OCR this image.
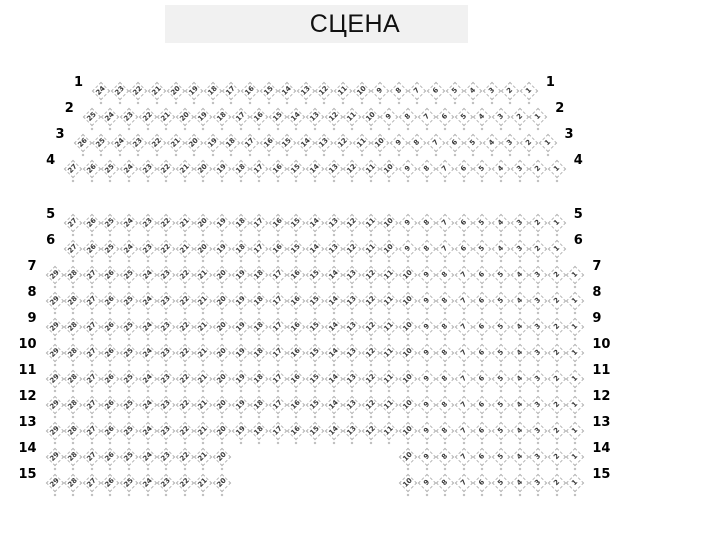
СЦЕНА
1	1
24 23 22 21 20 19 18 17 16 15 14 13 12 11 10 9 8 7 6 5 4 3 2 1
2	2
25 24 23 22 21 20 19 18 17 16 15 14 13 12 11 10 9 8 7 6 5 4 3 2 1
3	3
26 25 24 23 22 21 20 19 18 17 16 15 14 13 12 11 10 9 8 7 6 5 4 3 2 1
4	4
27 26 25 24 23 22 21 20 19 18 17 16 15 14 13 12 11 10 9 8 7 6 5 4 3 2 1
5	5
27 26 25 24 23 22 21 20 19 18 17 16 15 14 13 12 11 10 9 8 7 6 5 4 3 2 1
6	6
27 26 25 24 23 22 21 20 19 18 17 16 15 14 13 12 11 10 9 8 7 6 5 4 3 2 1
7	7
29 28 27 26 25 24 23 22 21 20 19 18 17 16 15 14 13 12 11 10 9 8 7 6 5 4 3 2 1
8	8
29 28 27 26 25 24 23 22 21 20 19 18 17 16 15 14 13 12 11 10 9 8 7 6 5 4 3 2 1
9	9
29 28 27 26 25 24 23 22 21 20 19 18 17 16 15 14 13 12 11 10 9 8 7 6 5 4 3 2 1
10	10
29 28 27 26 25 24 23 22 21 20 19 18 17 16 15 14 13 12 11 10 9 8 7 6 5 4 3 2 1
11	11
29 28 27 26 25 24 23 22 21 20 19 18 17 16 15 14 13 12 11 10 9 8 7 6 5 4 3 2 1
12	12
29 28 27 26 25 24 23 22 21 20 19 18 17 16 15 14 13 12 11 10 9 8 7 6 5 4 3 2 1
13	13
29 28 27 26 25 24 23 22 21 20 19 18 17 16 15 14 13 12 11 10 9 8 7 6 5 4 3 2 1
14	14
29 28 27 26 25 24 23 22 21 20	10 9 8 7 6 5 4 3 2 1
15	15
29 28 27 26 25 24 23 22 21 20	10 9 8 7 6 5 4 3 2 1
